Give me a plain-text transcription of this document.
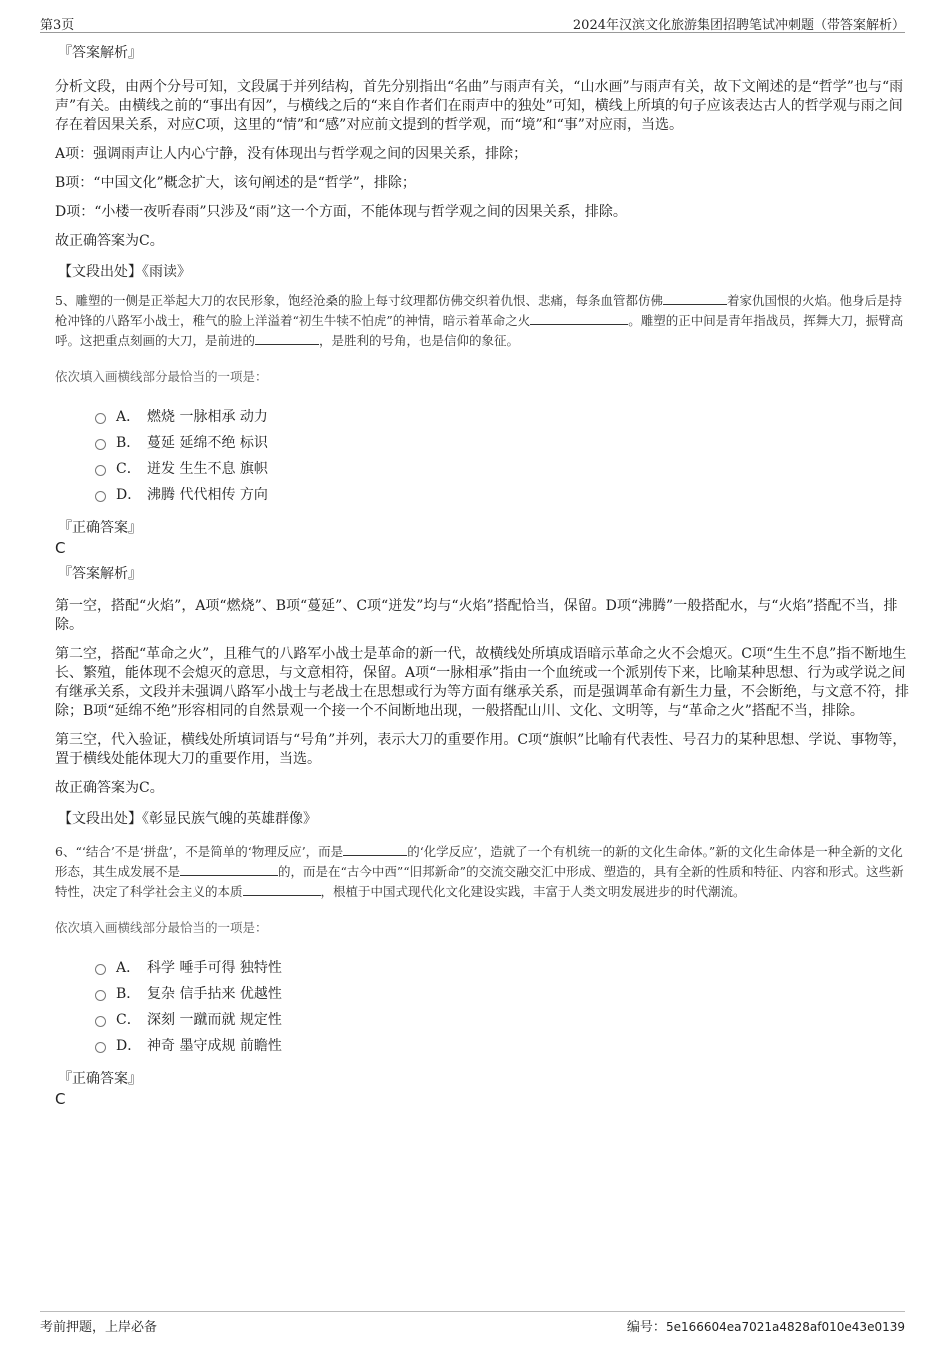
第3页	2024年汉滨文化旅游集团招聘笔试冲刺题（带答案解析）
『答案解析』

分析文段，由两个分号可知，文段属于并列结构，首先分别指出“名曲”与雨声有关，“山水画”与雨声有关，故下文阐述的是“哲学”也与“雨声”有关。由横线之前的“事出有因”，与横线之后的“来自作者们在雨声中的独处”可知，横线上所填的句子应该表达古人的哲学观与雨之间存在着因果关系，对应C项，这里的“情”和“感”对应前文提到的哲学观，而“境”和“事”对应雨，当选。

A项：强调雨声让人内心宁静，没有体现出与哲学观之间的因果关系，排除；

B项：“中国文化”概念扩大，该句阐述的是“哲学”，排除；

D项：“小楼一夜听春雨”只涉及“雨”这一个方面，不能体现与哲学观之间的因果关系，排除。

故正确答案为C。

【文段出处】《雨读》
5、雕塑的一侧是正举起大刀的农民形象，饱经沧桑的脸上每寸纹理都仿佛交织着仇恨、悲痛，每条血管都仿佛	着家仇国恨的火焰。他身后是持枪冲锋的八路军小战士，稚气的脸上洋溢着“初生牛犊不怕虎”的神情，暗示着革命之火	。雕塑的正中间是青年指战员，挥舞大刀，振臂高呼。这把重点刻画的大刀，是前进的	，是胜利的号角，也是信仰的象征。
依次填入画横线部分最恰当的一项是：
A． 燃烧 一脉相承 动力
B． 蔓延 延绵不绝 标识
C． 迸发 生生不息 旗帜
D． 沸腾 代代相传 方向
『正确答案』
C
『答案解析』

第一空，搭配“火焰”，A项“燃烧”、B项“蔓延”、C项“迸发”均与“火焰”搭配恰当，保留。D项“沸腾”一般搭配水，与“火焰”搭配不当，排除。

第二空，搭配“革命之火”，且稚气的八路军小战士是革命的新一代，故横线处所填成语暗示革命之火不会熄灭。C项“生生不息”指不断地生长、繁殖，能体现不会熄灭的意思，与文意相符，保留。A项“一脉相承”指由一个血统或一个派别传下来，比喻某种思想、行为或学说之间有继承关系，文段并未强调八路军小战士与老战士在思想或行为等方面有继承关系，而是强调革命有新生力量，不会断绝，与文意不符，排除；B项“延绵不绝”形容相同的自然景观一个接一个不间断地出现，一般搭配山川、文化、文明等，与“革命之火”搭配不当，排除。

第三空，代入验证，横线处所填词语与“号角”并列，表示大刀的重要作用。C项“旗帜”比喻有代表性、号召力的某种思想、学说、事物等，置于横线处能体现大刀的重要作用，当选。

故正确答案为C。

【文段出处】《彰显民族气魄的英雄群像》
6、“‘结合’不是‘拼盘’，不是简单的‘物理反应’，而是	的‘化学反应’，造就了一个有机统一的新的文化生命体。”新的文化生命体是一种全新的文化形态，其生成发展不是	的，而是在“古今中西”“旧邦新命”的交流交融交汇中形成、塑造的，具有全新的性质和特征、内容和形式。这些新特性，决定了科学社会主义的本质	，根植于中国式现代化文化建设实践，丰富于人类文明发展进步的时代潮流。
依次填入画横线部分最恰当的一项是：
A． 科学 唾手可得 独特性
B． 复杂 信手拈来 优越性
C． 深刻 一蹴而就 规定性
D． 神奇 墨守成规 前瞻性
『正确答案』
C
考前押题，上岸必备	编号：5e166604ea7021a4828af010e43e0139
